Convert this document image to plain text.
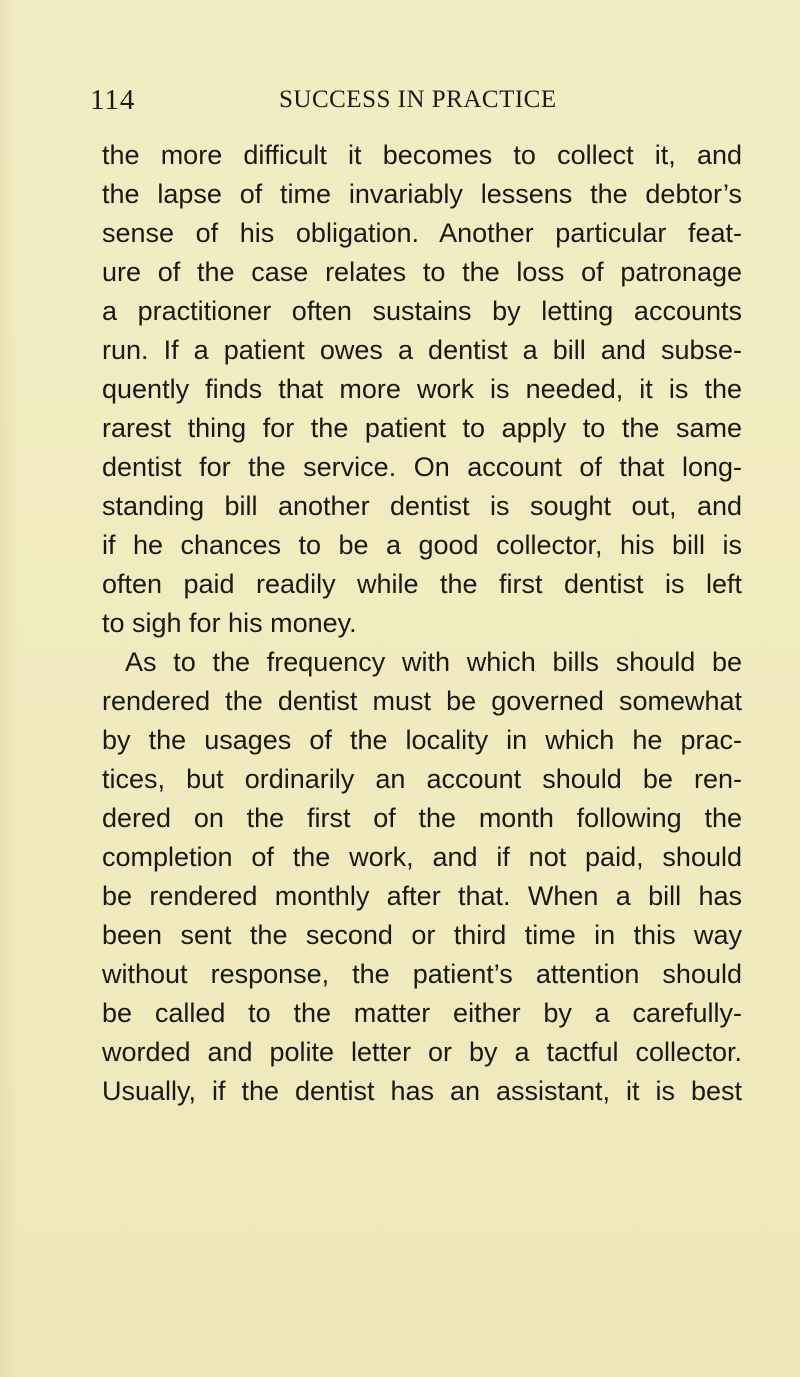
114	SUCCESS IN PRACTICE
the more difficult it becomes to collect it, and
the lapse of time invariably lessens the debtor’s
sense of his obligation. Another particular feat-
ure of the case relates to the loss of patronage
a practitioner often sustains by letting accounts
run. If a patient owes a dentist a bill and subse-
quently finds that more work is needed, it is the
rarest thing for the patient to apply to the same
dentist for the service. On account of that long-
standing bill another dentist is sought out, and
if he chances to be a good collector, his bill is
often paid readily while the first dentist is left
to sigh for his money.
As to the frequency with which bills should be
rendered the dentist must be governed somewhat
by the usages of the locality in which he prac-
tices, but ordinarily an account should be ren-
dered on the first of the month following the
completion of the work, and if not paid, should
be rendered monthly after that. When a bill has
been sent the second or third time in this way
without response, the patient’s attention should
be called to the matter either by a carefully-
worded and polite letter or by a tactful collector.
Usually, if the dentist has an assistant, it is best
